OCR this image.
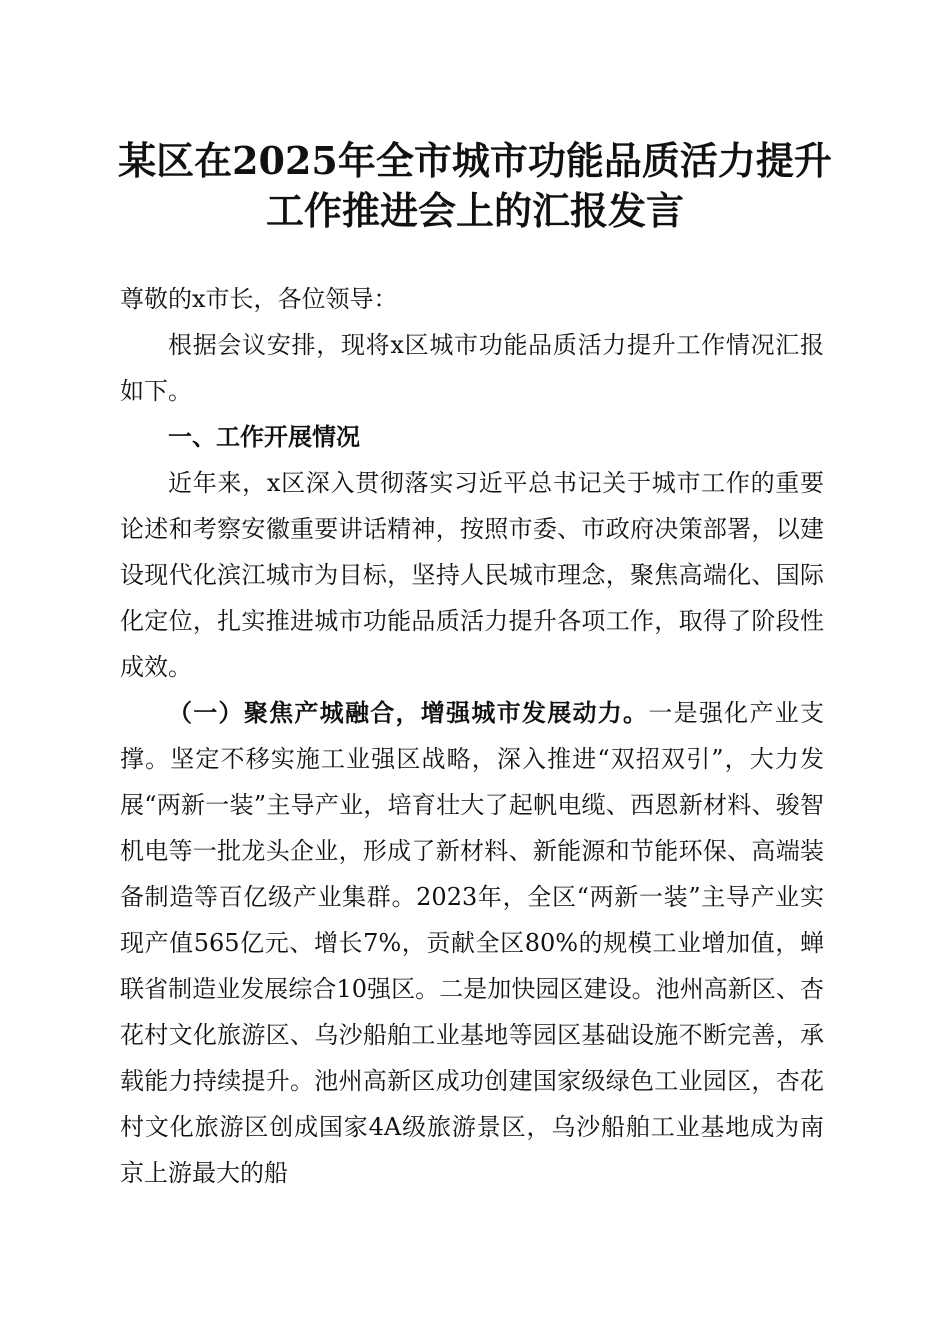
某区在2025年全市城市功能品质活力提升工作推进会上的汇报发言

尊敬的x市长，各位领导：

根据会议安排，现将x区城市功能品质活力提升工作情况汇报如下。

一、工作开展情况

近年来，x区深入贯彻落实习近平总书记关于城市工作的重要论述和考察安徽重要讲话精神，按照市委、市政府决策部署，以建设现代化滨江城市为目标，坚持人民城市理念，聚焦高端化、国际化定位，扎实推进城市功能品质活力提升各项工作，取得了阶段性成效。

（一）聚焦产城融合，增强城市发展动力。一是强化产业支撑。坚定不移实施工业强区战略，深入推进“双招双引”，大力发展“两新一装”主导产业，培育壮大了起帆电缆、西恩新材料、骏智机电等一批龙头企业，形成了新材料、新能源和节能环保、高端装备制造等百亿级产业集群。2023年，全区“两新一装”主导产业实现产值565亿元、增长7%，贡献全区80%的规模工业增加值，蝉联省制造业发展综合10强区。二是加快园区建设。池州高新区、杏花村文化旅游区、乌沙船舶工业基地等园区基础设施不断完善，承载能力持续提升。池州高新区成功创建国家级绿色工业园区，杏花村文化旅游区创成国家4A级旅游景区，乌沙船舶工业基地成为南京上游最大的船
